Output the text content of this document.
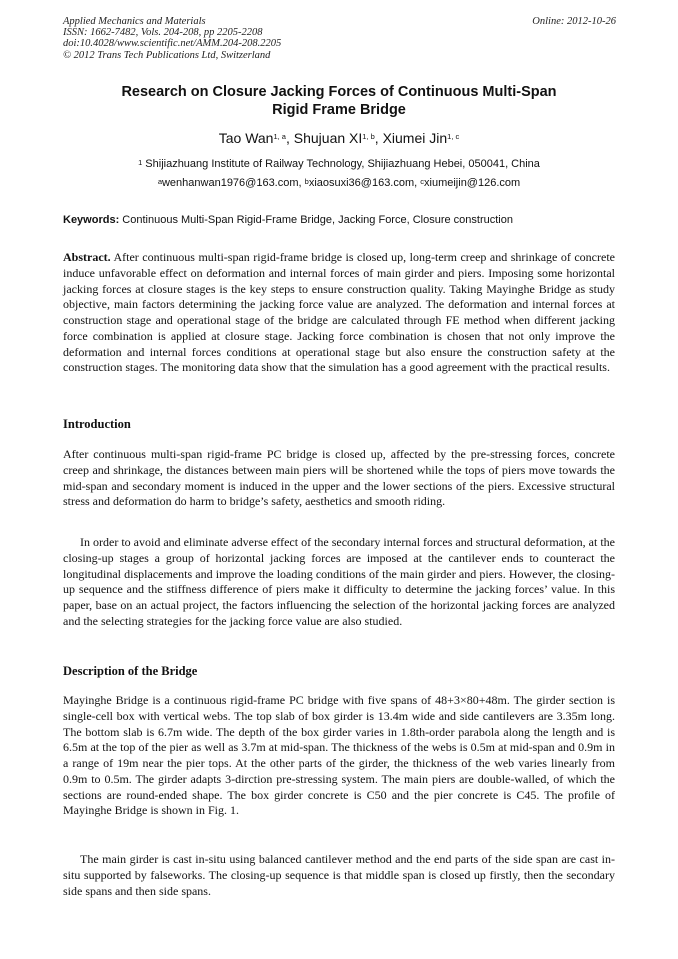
Applied Mechanics and Materials
ISSN: 1662-7482, Vols. 204-208, pp 2205-2208
doi:10.4028/www.scientific.net/AMM.204-208.2205
© 2012 Trans Tech Publications Ltd, Switzerland
Online: 2012-10-26
Research on Closure Jacking Forces of Continuous Multi-Span
Rigid Frame Bridge
Tao Wan$^{1, a}$, Shujuan XI$^{1, b}$, Xiumei Jin$^{1, c}$
$^1$ Shijiazhuang Institute of Railway Technology, Shijiazhuang Hebei, 050041, China
$^a$wenhanwan1976@163.com, $^b$xiaosuxi36@163.com, $^c$xiumeijin@126.com
Keywords: Continuous Multi-Span Rigid-Frame Bridge, Jacking Force, Closure construction
Abstract. After continuous multi-span rigid-frame bridge is closed up, long-term creep and shrinkage of concrete induce unfavorable effect on deformation and internal forces of main girder and piers. Imposing some horizontal jacking forces at closure stages is the key steps to ensure construction quality. Taking Mayinghe Bridge as study objective, main factors determining the jacking force value are analyzed. The deformation and internal forces at construction stage and operational stage of the bridge are calculated through FE method when different jacking force combination is applied at closure stage. Jacking force combination is chosen that not only improve the deformation and internal forces conditions at operational stage but also ensure the construction safety at the construction stages. The monitoring data show that the simulation has a good agreement with the practical results.
Introduction
After continuous multi-span rigid-frame PC bridge is closed up, affected by the pre-stressing forces, concrete creep and shrinkage, the distances between main piers will be shortened while the tops of piers move towards the mid-span and secondary moment is induced in the upper and the lower sections of the piers. Excessive structural stress and deformation do harm to bridge’s safety, aesthetics and smooth riding.
In order to avoid and eliminate adverse effect of the secondary internal forces and structural deformation, at the closing-up stages a group of horizontal jacking forces are imposed at the cantilever ends to counteract the longitudinal displacements and improve the loading conditions of the main girder and piers. However, the closing-up sequence and the stiffness difference of piers make it difficulty to determine the jacking forces’ value. In this paper, base on an actual project, the factors influencing the selection of the horizontal jacking forces are analyzed and the selecting strategies for the jacking force value are also studied.
Description of the Bridge
Mayinghe Bridge is a continuous rigid-frame PC bridge with five spans of 48+3×80+48m. The girder section is single-cell box with vertical webs. The top slab of box girder is 13.4m wide and side cantilevers are 3.35m long. The bottom slab is 6.7m wide. The depth of the box girder varies in 1.8th-order parabola along the length and is 6.5m at the top of the pier as well as 3.7m at mid-span. The thickness of the webs is 0.5m at mid-span and 0.9m in a range of 19m near the pier tops. At the other parts of the girder, the thickness of the web varies linearly from 0.9m to 0.5m. The girder adapts 3-dirction pre-stressing system. The main piers are double-walled, of which the sections are round-ended shape. The box girder concrete is C50 and the pier concrete is C45. The profile of Mayinghe Bridge is shown in Fig. 1.
The main girder is cast in-situ using balanced cantilever method and the end parts of the side span are cast in-situ supported by falseworks. The closing-up sequence is that middle span is closed up firstly, then the secondary side spans and then side spans.
